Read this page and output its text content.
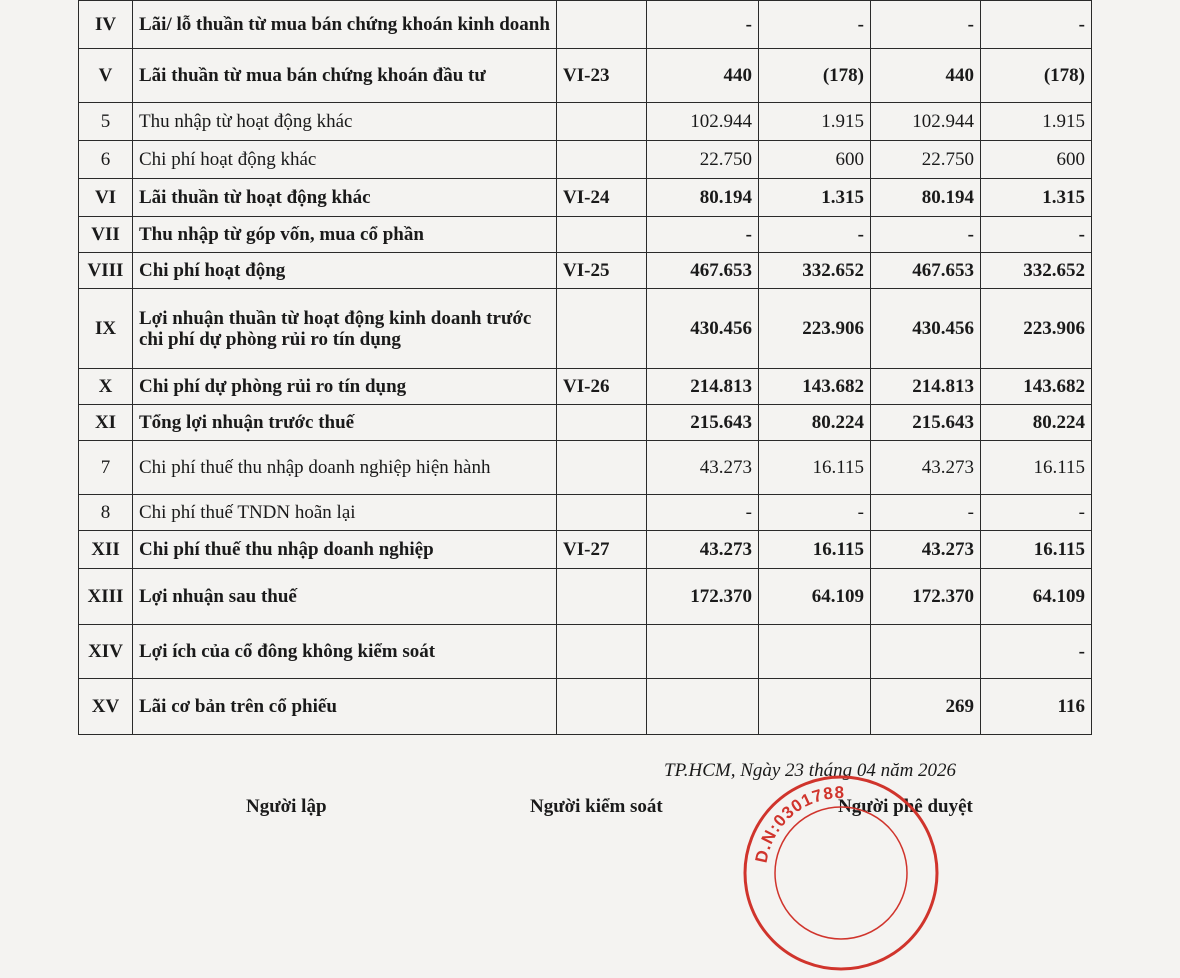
IV	Lãi/ lỗ thuần từ mua bán chứng khoán kinh doanh		-	-	-	-
V	Lãi thuần từ mua bán chứng khoán đầu tư	VI-23	440	(178)	440	(178)
5	Thu nhập từ hoạt động khác		102.944	1.915	102.944	1.915
6	Chi phí hoạt động khác		22.750	600	22.750	600
VI	Lãi thuần từ hoạt động khác	VI-24	80.194	1.315	80.194	1.315
VII	Thu nhập từ góp vốn, mua cổ phần		-	-	-	-
VIII	Chi phí hoạt động	VI-25	467.653	332.652	467.653	332.652
IX	Lợi nhuận thuần từ hoạt động kinh doanh trước chi phí dự phòng rủi ro tín dụng		430.456	223.906	430.456	223.906
X	Chi phí dự phòng rủi ro tín dụng	VI-26	214.813	143.682	214.813	143.682
XI	Tổng lợi nhuận trước thuế		215.643	80.224	215.643	80.224
7	Chi phí thuế thu nhập doanh nghiệp hiện hành		43.273	16.115	43.273	16.115
8	Chi phí thuế TNDN hoãn lại		-	-	-	-
XII	Chi phí thuế thu nhập doanh nghiệp	VI-27	43.273	16.115	43.273	16.115
XIII	Lợi nhuận sau thuế		172.370	64.109	172.370	64.109
XIV	Lợi ích của cổ đông không kiểm soát					-
XV	Lãi cơ bản trên cổ phiếu				269	116
TP.HCM, Ngày 23 tháng 04 năm 2026
Người lập	Người kiểm soát	Người phê duyệt
D.N:0301788
